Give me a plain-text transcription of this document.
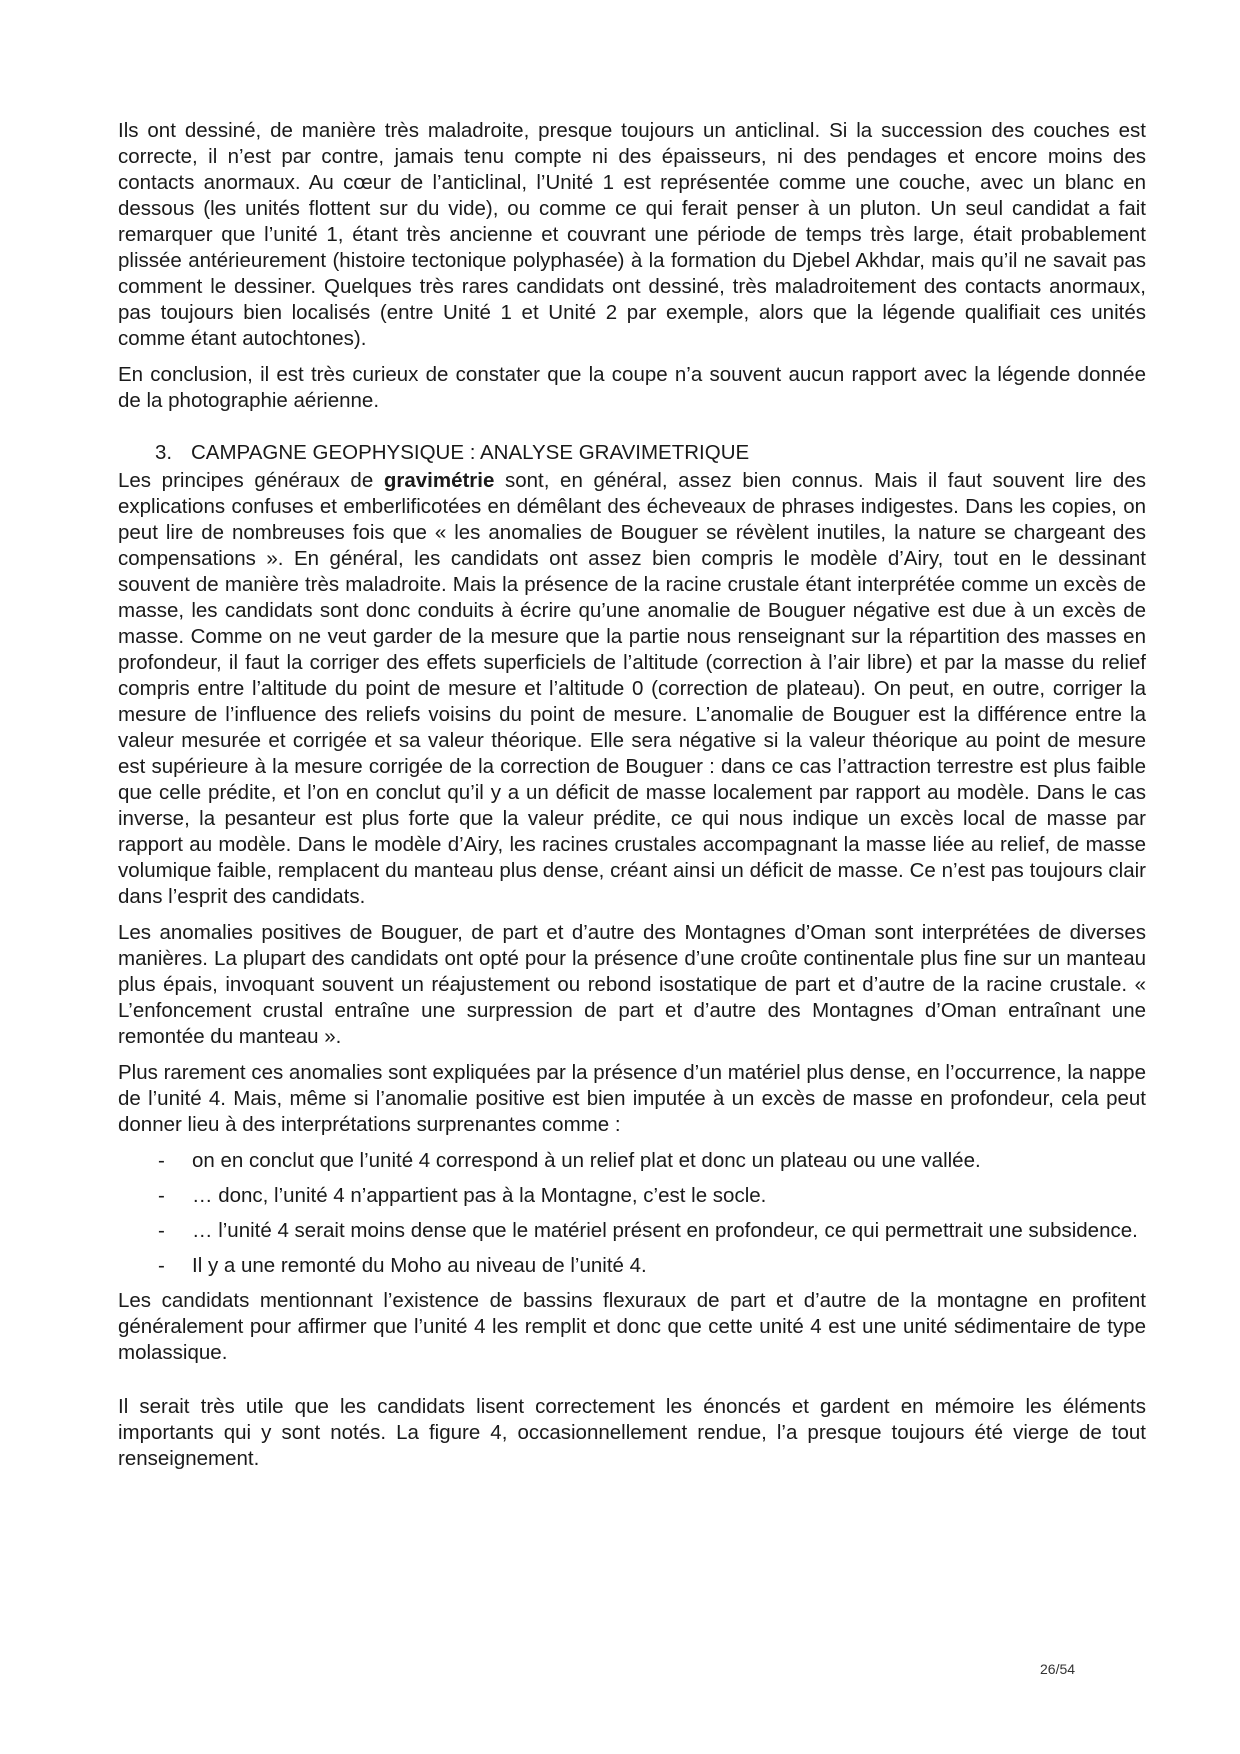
Ils ont dessiné, de manière très maladroite, presque toujours un anticlinal. Si la succession des couches est correcte, il n’est par contre, jamais tenu compte ni des épaisseurs, ni des pendages et encore moins des contacts anormaux. Au cœur de l’anticlinal, l’Unité 1 est représentée comme une couche, avec un blanc en dessous (les unités flottent sur du vide), ou comme ce qui ferait penser à un pluton. Un seul candidat a fait remarquer que l’unité 1, étant très ancienne et couvrant une période de temps très large, était probablement plissée antérieurement (histoire tectonique polyphasée) à la formation du Djebel Akhdar, mais qu’il ne savait pas comment le dessiner. Quelques très rares candidats ont dessiné, très maladroitement des contacts anormaux, pas toujours bien localisés (entre Unité 1 et Unité 2 par exemple, alors que la légende qualifiait ces unités comme étant autochtones).

En conclusion, il est très curieux de constater que la coupe n’a souvent aucun rapport avec la légende donnée de la photographie aérienne.

3. CAMPAGNE GEOPHYSIQUE : ANALYSE GRAVIMETRIQUE

Les principes généraux de gravimétrie sont, en général, assez bien connus. Mais il faut souvent lire des explications confuses et emberlificotées en démêlant des écheveaux de phrases indigestes. Dans les copies, on peut lire de nombreuses fois que « les anomalies de Bouguer se révèlent inutiles, la nature se chargeant des compensations ». En général, les candidats ont assez bien compris le modèle d’Airy, tout en le dessinant souvent de manière très maladroite. Mais la présence de la racine crustale étant interprétée comme un excès de masse, les candidats sont donc conduits à écrire qu’une anomalie de Bouguer négative est due à un excès de masse. Comme on ne veut garder de la mesure que la partie nous renseignant sur la répartition des masses en profondeur, il faut la corriger des effets superficiels de l’altitude (correction à l’air libre) et par la masse du relief compris entre l’altitude du point de mesure et l’altitude 0 (correction de plateau). On peut, en outre, corriger la mesure de l’influence des reliefs voisins du point de mesure. L’anomalie de Bouguer est la différence entre la valeur mesurée et corrigée et sa valeur théorique. Elle sera négative si la valeur théorique au point de mesure est supérieure à la mesure corrigée de la correction de Bouguer : dans ce cas l’attraction terrestre est plus faible que celle prédite, et l’on en conclut qu’il y a un déficit de masse localement par rapport au modèle. Dans le cas inverse, la pesanteur est plus forte que la valeur prédite, ce qui nous indique un excès local de masse par rapport au modèle. Dans le modèle d’Airy, les racines crustales accompagnant la masse liée au relief, de masse volumique faible, remplacent du manteau plus dense, créant ainsi un déficit de masse. Ce n’est pas toujours clair dans l’esprit des candidats.

Les anomalies positives de Bouguer, de part et d’autre des Montagnes d’Oman sont interprétées de diverses manières. La plupart des candidats ont opté pour la présence d’une croûte continentale plus fine sur un manteau plus épais, invoquant souvent un réajustement ou rebond isostatique de part et d’autre de la racine crustale. « L’enfoncement crustal entraîne une surpression de part et d’autre des Montagnes d’Oman entraînant une remontée du manteau ».

Plus rarement ces anomalies sont expliquées par la présence d’un matériel plus dense, en l’occurrence, la nappe de l’unité 4. Mais, même si l’anomalie positive est bien imputée à un excès de masse en profondeur, cela peut donner lieu à des interprétations surprenantes comme :

- on en conclut que l’unité 4 correspond à un relief plat et donc un plateau ou une vallée.
- … donc, l’unité 4 n’appartient pas à la Montagne, c’est le socle.
- … l’unité 4 serait moins dense que le matériel présent en profondeur, ce qui permettrait une subsidence.
- Il y a une remonté du Moho au niveau de l’unité 4.

Les candidats mentionnant l’existence de bassins flexuraux de part et d’autre de la montagne en profitent généralement pour affirmer que l’unité 4 les remplit et donc que cette unité 4 est une unité sédimentaire de type molassique.

Il serait très utile que les candidats lisent correctement les énoncés et gardent en mémoire les éléments importants qui y sont notés. La figure 4, occasionnellement rendue, l’a presque toujours été vierge de tout renseignement.

26/54
